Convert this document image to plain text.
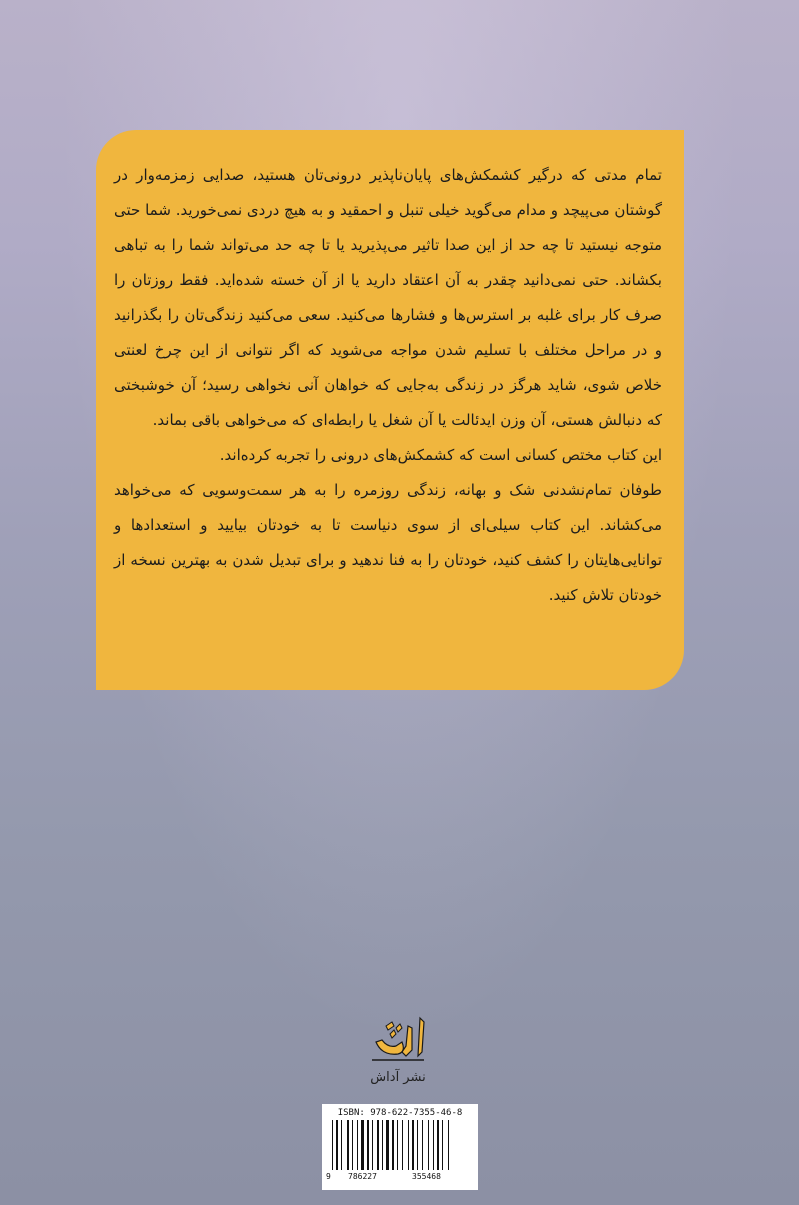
تمام مدتی که درگیر کشمکش‌های پایان‌ناپذیر درونی‌تان هستید، صدایی زمزمه‌وار در گوشتان می‌پیچد و مدام می‌گوید خیلی تنبل و احمقید و به هیچ دردی نمی‌خورید. شما حتی متوجه نیستید تا چه حد از این صدا تاثیر می‌پذیرید یا تا چه حد می‌تواند شما را به تباهی بکشاند. حتی نمی‌دانید چقدر به آن اعتقاد دارید یا از آن خسته شده‌اید. فقط روزتان را صرف کار برای غلبه بر استرس‌ها و فشارها می‌کنید. سعی می‌کنید زندگی‌تان را بگذرانید و در مراحل مختلف با تسلیم شدن مواجه می‌شوید که اگر نتوانی از این چرخ لعنتی خلاص شوی، شاید هرگز در زندگی به‌جایی که خواهان آنی نخواهی رسید؛ آن خوشبختی که دنبالش هستی، آن وزن ایدئالت یا آن شغل یا رابطه‌ای که می‌خواهی باقی بماند.

این کتاب مختص کسانی است که کشمکش‌های درونی را تجربه کرده‌اند.

طوفان تمام‌نشدنی شک و بهانه، زندگی روزمره را به هر سمت‌وسویی که می‌خواهد می‌کشاند. این کتاب سیلی‌ای از سوی دنیاست تا به خودتان بیایید و استعدادها و توانایی‌هایتان را کشف کنید، خودتان را به فنا ندهید و برای تبدیل شدن به بهترین نسخه از خودتان تلاش کنید.

نشر آداش
ISBN: 978-622-7355-46-8
9 786227	355468
